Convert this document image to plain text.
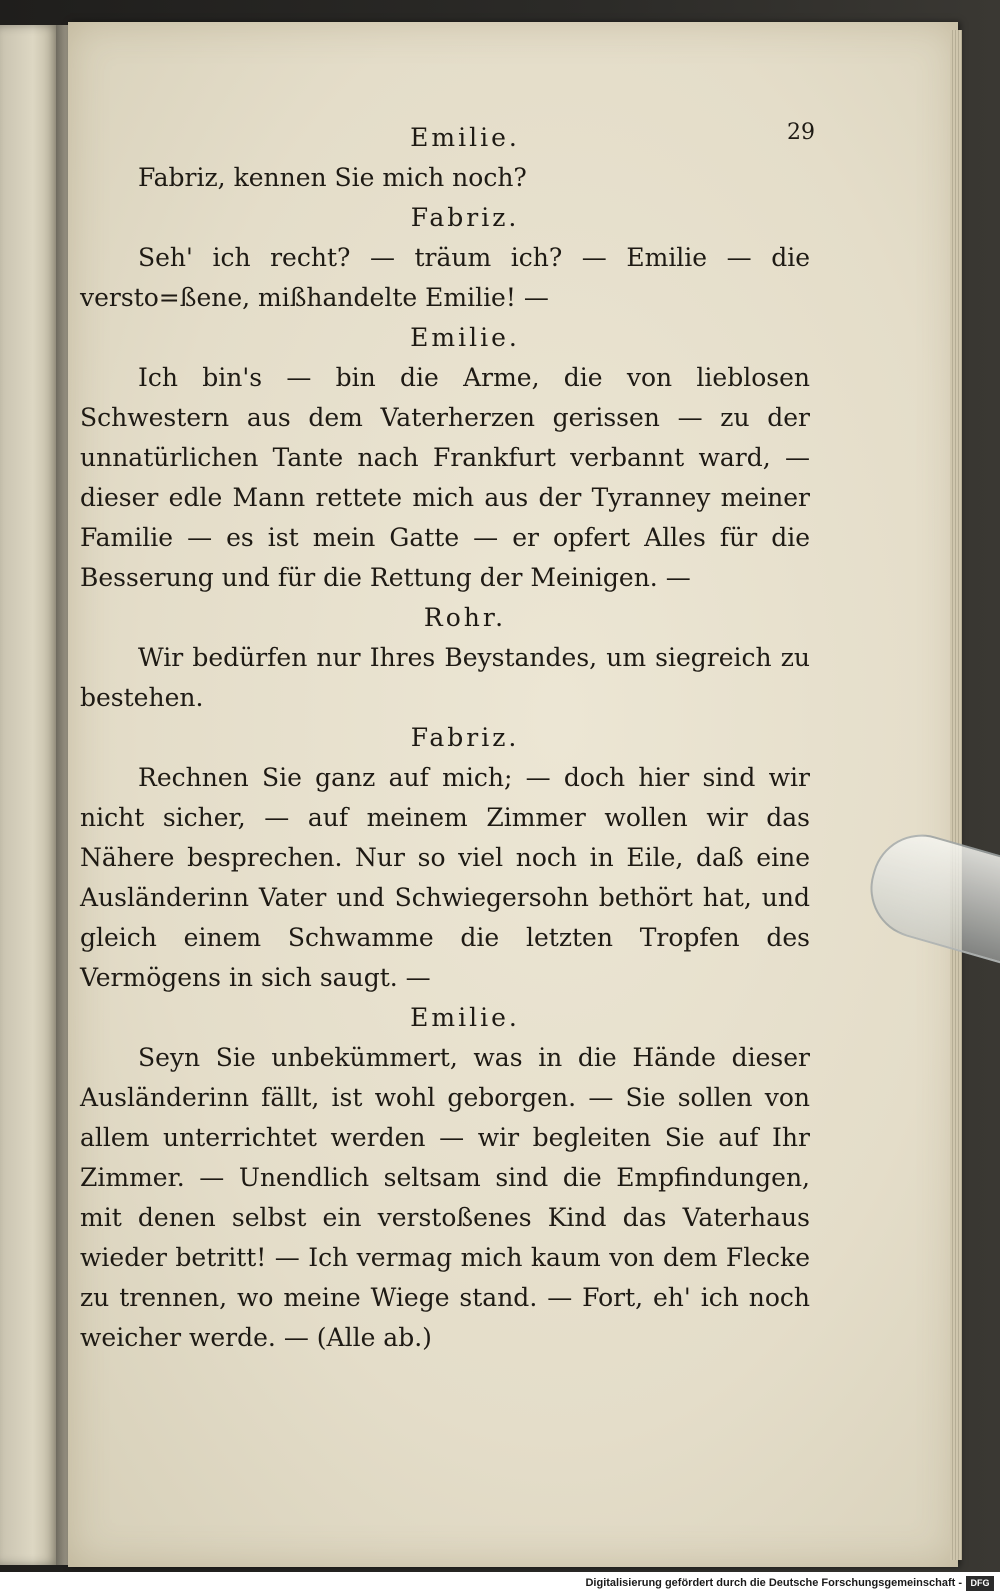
29
Emilie.
Fabriz, kennen Sie mich noch?
Fabriz.
Seh' ich recht? — träum ich? — Emilie — die versto=ßene, mißhandelte Emilie! —
Emilie.
Ich bin's — bin die Arme, die von lieblosen Schwestern aus dem Vaterherzen gerissen — zu der unnatürlichen Tante nach Frankfurt verbannt ward, — dieser edle Mann rettete mich aus der Tyranney meiner Familie — es ist mein Gatte — er opfert Alles für die Besserung und für die Rettung der Meinigen. —
Rohr.
Wir bedürfen nur Ihres Beystandes, um siegreich zu bestehen.
Fabriz.
Rechnen Sie ganz auf mich; — doch hier sind wir nicht sicher, — auf meinem Zimmer wollen wir das Nähere besprechen. Nur so viel noch in Eile, daß eine Ausländerinn Vater und Schwiegersohn bethört hat, und gleich einem Schwamme die letzten Tropfen des Vermögens in sich saugt. —
Emilie.
Seyn Sie unbekümmert, was in die Hände dieser Ausländerinn fällt, ist wohl geborgen. — Sie sollen von allem unterrichtet werden — wir begleiten Sie auf Ihr Zimmer. — Unendlich seltsam sind die Empfindungen, mit denen selbst ein verstoßenes Kind das Vaterhaus wieder betritt! — Ich vermag mich kaum von dem Flecke zu trennen, wo meine Wiege stand. — Fort, eh' ich noch weicher werde. — (Alle ab.)
Digitalisierung gefördert durch die Deutsche Forschungsgemeinschaft - DFG
